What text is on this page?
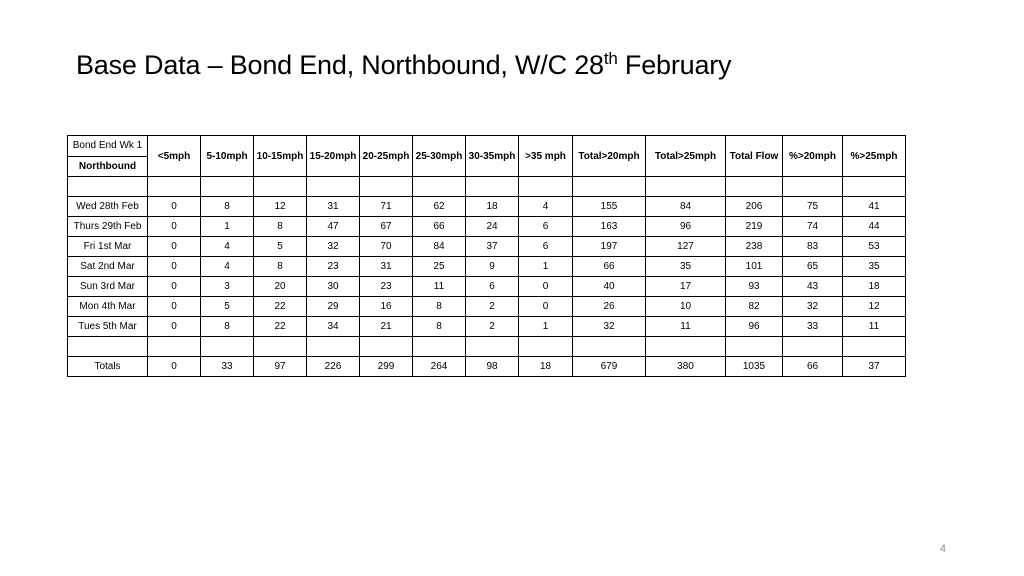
Base Data – Bond End, Northbound, W/C 28th February
Bond End Wk 1
Northbound	<5mph	5-10mph	10-15mph	15-20mph	20-25mph	25-30mph	30-35mph	>35 mph	Total>20mph	Total>25mph	Total Flow	%>20mph	%>25mph

Wed 28th Feb	0	8	12	31	71	62	18	4	155	84	206	75	41
Thurs 29th Feb	0	1	8	47	67	66	24	6	163	96	219	74	44
Fri 1st Mar	0	4	5	32	70	84	37	6	197	127	238	83	53
Sat 2nd Mar	0	4	8	23	31	25	9	1	66	35	101	65	35
Sun 3rd Mar	0	3	20	30	23	11	6	0	40	17	93	43	18
Mon 4th Mar	0	5	22	29	16	8	2	0	26	10	82	32	12
Tues 5th Mar	0	8	22	34	21	8	2	1	32	11	96	33	11

Totals	0	33	97	226	299	264	98	18	679	380	1035	66	37
4
